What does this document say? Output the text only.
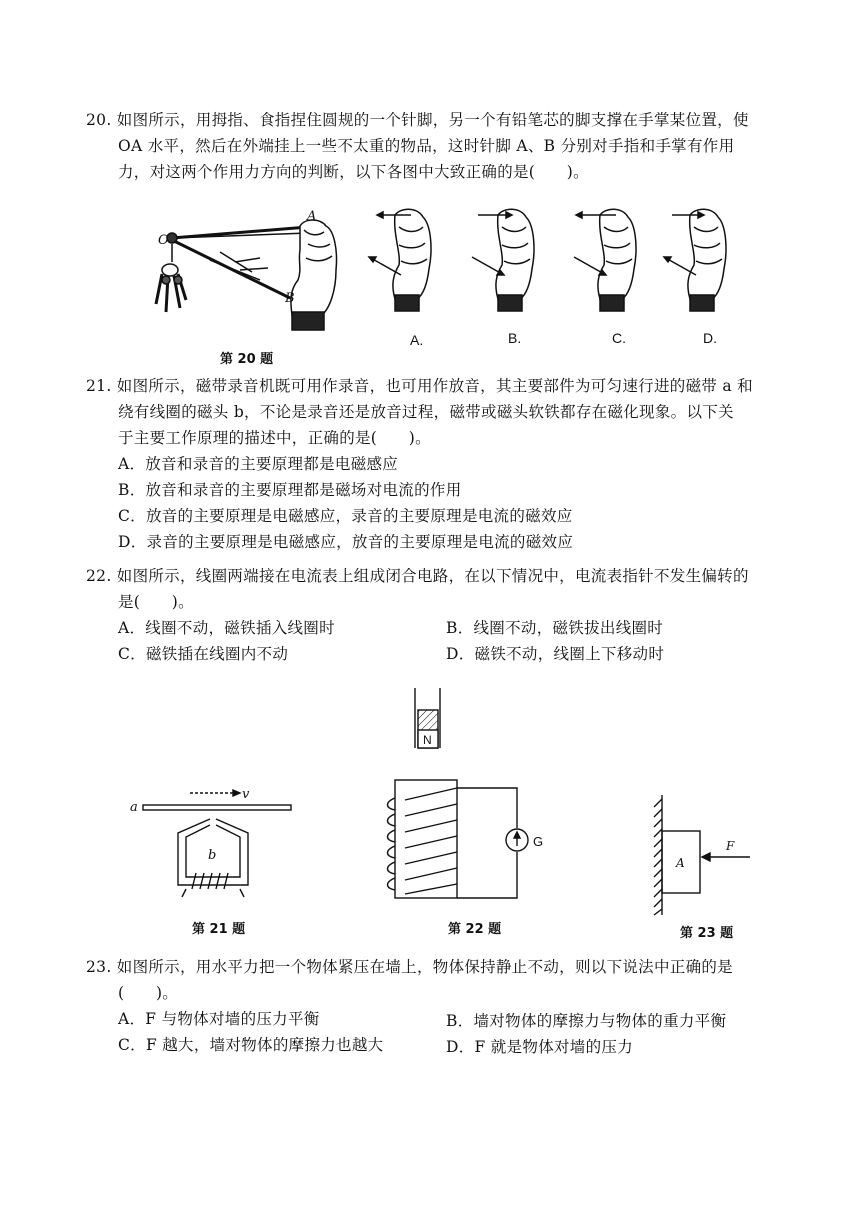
20. 如图所示，用拇指、食指捏住圆规的一个针脚，另一个有铅笔芯的脚支撑在手掌某位置，使
OA 水平，然后在外端挂上一些不太重的物品，这时针脚 A、B 分别对手指和手掌有作用
力，对这两个作用力方向的判断，以下各图中大致正确的是(　　)。
O
A
B
A.	B.	C.	D.
第 20 题
21. 如图所示，磁带录音机既可用作录音，也可用作放音，其主要部件为可匀速行进的磁带 a 和
绕有线圈的磁头 b，不论是录音还是放音过程，磁带或磁头软铁都存在磁化现象。以下关
于主要工作原理的描述中，正确的是(　　)。
A．放音和录音的主要原理都是电磁感应
B．放音和录音的主要原理都是磁场对电流的作用
C．放音的主要原理是电磁感应，录音的主要原理是电流的磁效应
D．录音的主要原理是电磁感应，放音的主要原理是电流的磁效应
22. 如图所示，线圈两端接在电流表上组成闭合电路，在以下情况中，电流表指针不发生偏转的
是(　　)。
A．线圈不动，磁铁插入线圈时	B．线圈不动，磁铁拔出线圈时
C．磁铁插在线圈内不动	D．磁铁不动，线圈上下移动时
a
v
b
第 21 题
N
G
第 22 题
A
F
第 23 题
23. 如图所示，用水平力把一个物体紧压在墙上，物体保持静止不动，则以下说法中正确的是
(　　)。
A．F 与物体对墙的压力平衡	B．墙对物体的摩擦力与物体的重力平衡
C．F 越大，墙对物体的摩擦力也越大	D．F 就是物体对墙的压力
